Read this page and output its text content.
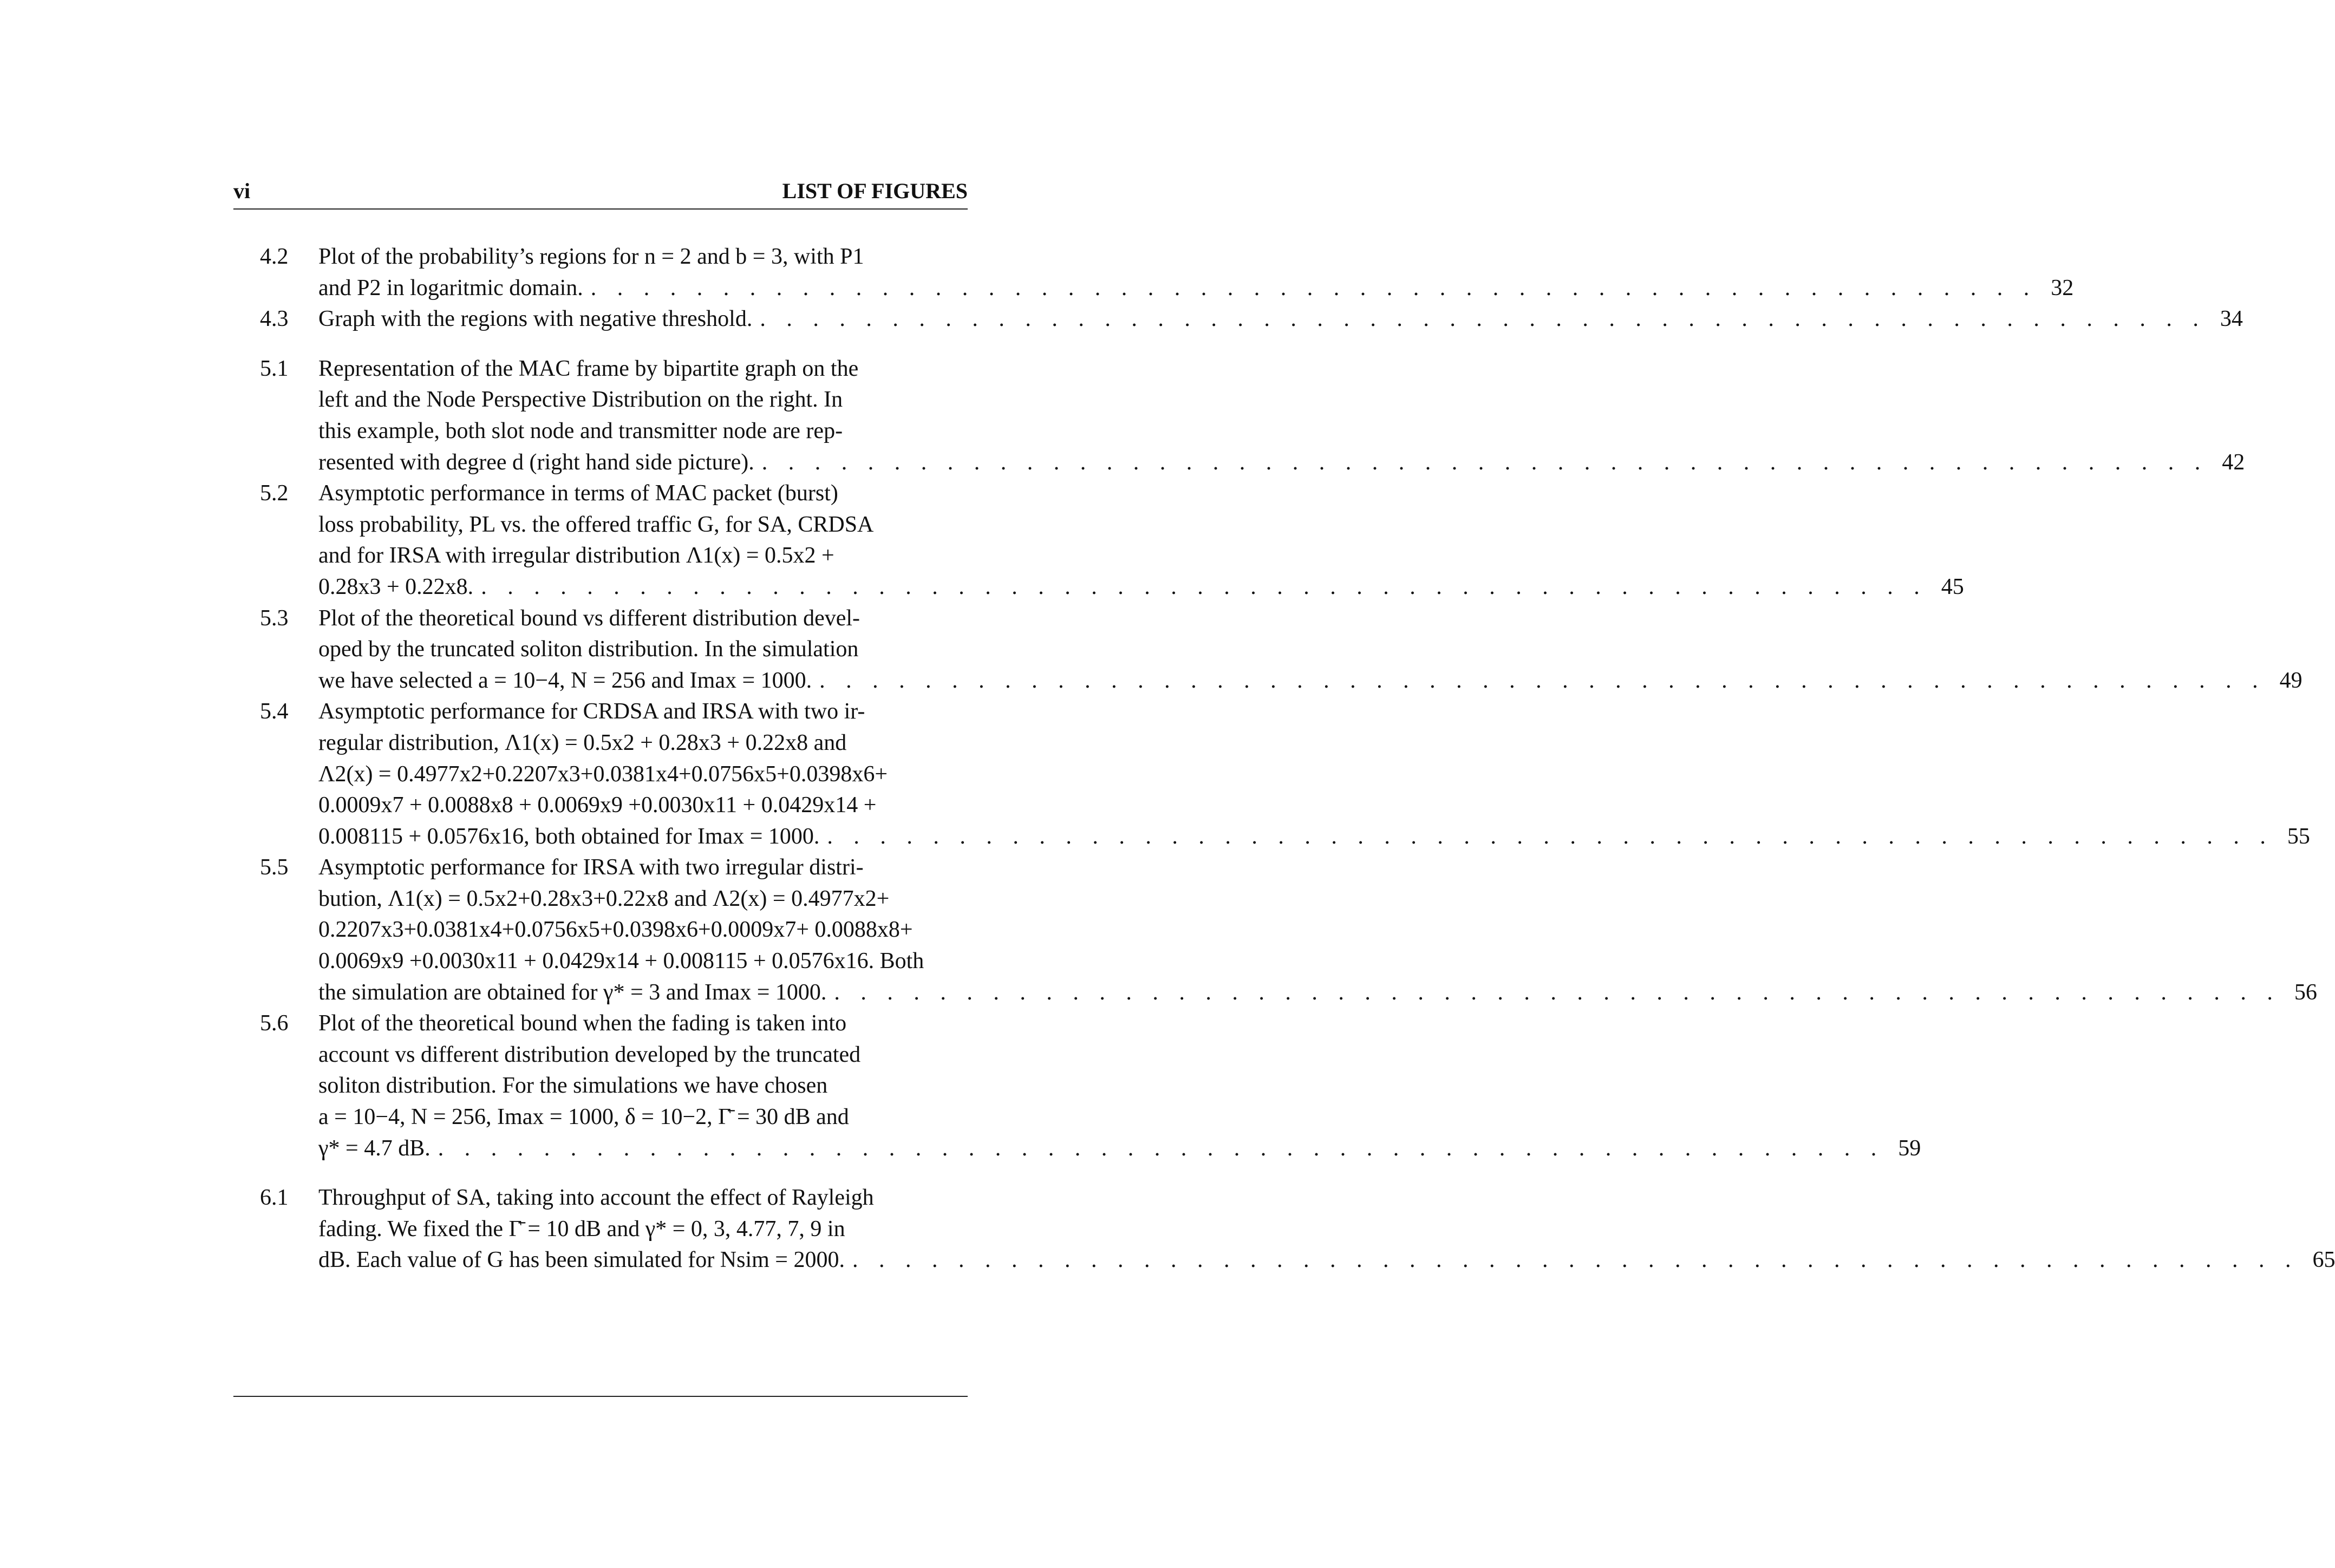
vi	LIST OF FIGURES
4.2	Plot of the probability’s regions for n = 2 and b = 3, with P1
and P2 in logaritmic domain. . . . . . . . . . . . . . . . . . . . . . . . . . . . . . . . . . . . . . . . . . . . . . . . . . . . . . . . 32
4.3	Graph with the regions with negative threshold. . . . . . . . . . . . . . . . . . . . . . . . . . . . . . . . . . . . . . . . . . . . . . . . . . . . . . . . 34
5.1	Representation of the MAC frame by bipartite graph on the
left and the Node Perspective Distribution on the right. In
this example, both slot node and transmitter node are rep-
resented with degree d (right hand side picture). . . . . . . . . . . . . . . . . . . . . . . . . . . . . . . . . . . . . . . . . . . . . . . . . . . . . . . . 42
5.2	Asymptotic performance in terms of MAC packet (burst)
loss probability, PL vs. the offered traffic G, for SA, CRDSA
and for IRSA with irregular distribution Λ1(x) = 0.5x2 +
0.28x3 + 0.22x8. . . . . . . . . . . . . . . . . . . . . . . . . . . . . . . . . . . . . . . . . . . . . . . . . . . . . . . . 45
5.3	Plot of the theoretical bound vs different distribution devel-
oped by the truncated soliton distribution. In the simulation
we have selected a = 10−4, N = 256 and Imax = 1000. . . . . . . . . . . . . . . . . . . . . . . . . . . . . . . . . . . . . . . . . . . . . . . . . . . . . . . . 49
5.4	Asymptotic performance for CRDSA and IRSA with two ir-
regular distribution, Λ1(x) = 0.5x2 + 0.28x3 + 0.22x8 and
Λ2(x) = 0.4977x2+0.2207x3+0.0381x4+0.0756x5+0.0398x6+
0.0009x7 + 0.0088x8 + 0.0069x9 +0.0030x11 + 0.0429x14 +
0.008115 + 0.0576x16, both obtained for Imax = 1000. . . . . . . . . . . . . . . . . . . . . . . . . . . . . . . . . . . . . . . . . . . . . . . . . . . . . . . . 55
5.5	Asymptotic performance for IRSA with two irregular distri-
bution, Λ1(x) = 0.5x2+0.28x3+0.22x8 and Λ2(x) = 0.4977x2+
0.2207x3+0.0381x4+0.0756x5+0.0398x6+0.0009x7+ 0.0088x8+
0.0069x9 +0.0030x11 + 0.0429x14 + 0.008115 + 0.0576x16. Both
the simulation are obtained for γ* = 3 and Imax = 1000. . . . . . . . . . . . . . . . . . . . . . . . . . . . . . . . . . . . . . . . . . . . . . . . . . . . . . . . 56
5.6	Plot of the theoretical bound when the fading is taken into
account vs different distribution developed by the truncated
soliton distribution. For the simulations we have chosen
a = 10−4, N = 256, Imax = 1000, δ = 10−2, Γ̄ = 30 dB and
γ* = 4.7 dB. . . . . . . . . . . . . . . . . . . . . . . . . . . . . . . . . . . . . . . . . . . . . . . . . . . . . . . . 59
6.1	Throughput of SA, taking into account the effect of Rayleigh
fading. We fixed the Γ̄ = 10 dB and γ* = 0, 3, 4.77, 7, 9 in
dB. Each value of G has been simulated for Nsim = 2000. . . . . . . . . . . . . . . . . . . . . . . . . . . . . . . . . . . . . . . . . . . . . . . . . . . . . . . . 65
